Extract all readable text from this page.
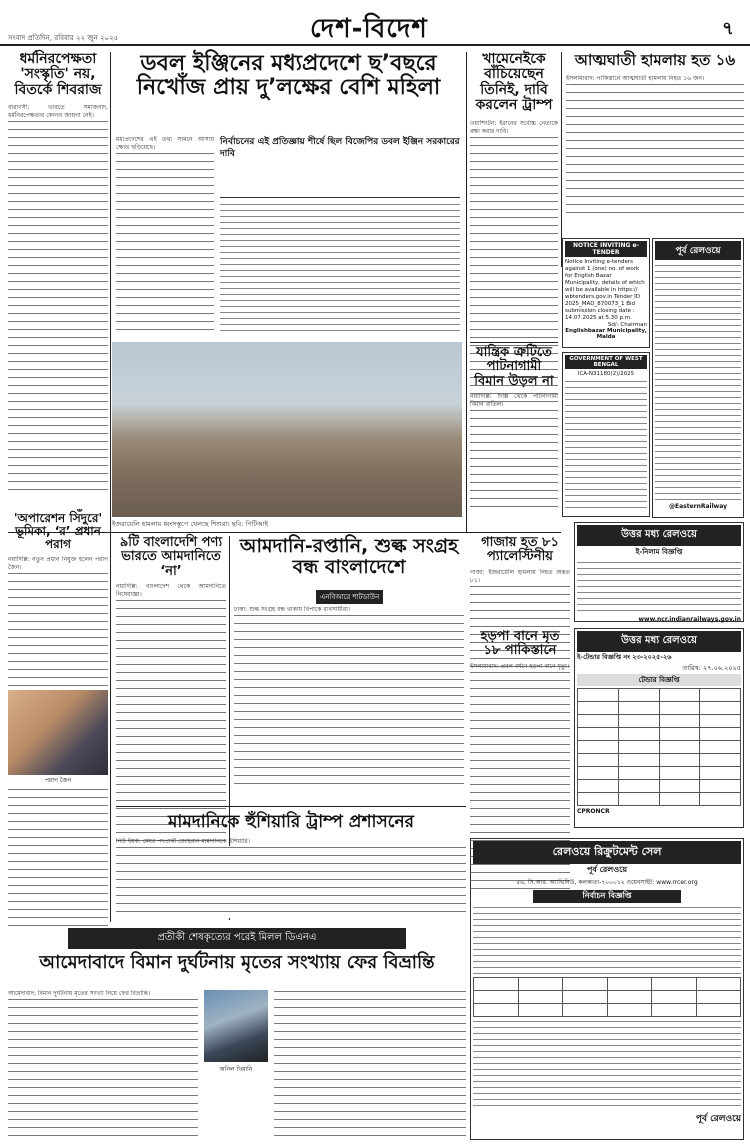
সংবাদ প্রতিদিন, রবিবার ২২ জুন ২০২৫	দেশ-বিদেশ	৭
ধর্মনিরপেক্ষতা 'সংস্কৃতি' নয়, বিতর্কে শিবরাজ
বারাণসী: ভারতে সমাজবাদ, ধর্মনিরপেক্ষতার কোনও জায়গা নেই।
ডবল ইঞ্জিনের মধ্যপ্রদেশে ছ’বছরে নিখোঁজ প্রায় দু’লক্ষের বেশি মহিলা
মধ্যপ্রদেশের এই তথ্য সামনে আসায় ক্ষোভ ছড়িয়েছে।
নির্বাচনের এই প্রতিজ্ঞায় শীর্ষে ছিল বিজেপির ডবল ইঞ্জিন সরকারের দাবি
খামেনেইকে বাঁচিয়েছেন তিনিই, দাবি করলেন ট্রাম্প
ওয়াশিংটন: ইরানের সর্বোচ্চ নেতাকে রক্ষা করার দাবি।
আত্মঘাতী হামলায় হত ১৬
ইসলামাবাদ: পাকিস্তানে আত্মঘাতী হামলায় নিহত ১৬ জন।
NOTICE INVITING e-TENDER
Notice Inviting e-tenders against 1 (one) no. of work for English Bazar Municipality, details of which will be available in https:// wbtenders.gov.in Tender ID 2025_MAD_870073_1 Bid submission closing date : 14.07.2025 at 5.30 p.m.
Sd/- Chairman
Englishbazar Municipality, Malda
GOVERNMENT OF WEST BENGAL
ICA-N31180(2)/2025
পূর্ব রেলওয়ে
@EasternRailway
ইজরায়েলি হামলায় ধ্বংসস্তূপে খেলছে শিশুরা। ছবি: পিটিআই
যান্ত্রিক ত্রুটিতে পাটনাগামী বিমান উড়ল না
নয়াদিল্লি: দিল্লি থেকে পাটনাগামী বিমান বাতিল।
'অপারেশন সিঁদুরে' ভূমিকা, ‘র’ প্রধান পরাগ
নয়াদিল্লি: নতুন প্রধান নিযুক্ত হলেন পরাগ জৈন।
পরাগ জৈন
৯টি বাংলাদেশি পণ্য ভারতে আমদানিতে ‘না’
নয়াদিল্লি: বাংলাদেশ থেকে আমদানিতে নিষেধাজ্ঞা।
আমদানি-রপ্তানি, শুল্ক সংগ্রহ বন্ধ বাংলাদেশে
এনবিআরে শাটডাউন
ঢাকা: শুল্ক সংগ্রহ বন্ধ থাকায় বিপাকে ব্যবসায়ীরা।
গাজায় হত ৮১ প্যালেস্টিনীয়
গাজা: ইজরায়েলি হামলায় নিহত অন্তত ৮১।
উত্তর মধ্য রেলওয়ে
ই-নিলাম বিজ্ঞপ্তি
www.ncr.indianrailways.gov.in
হড়পা বানে মৃত ১৮ পাকিস্তানে
ইসলামাবাদ: প্রবল বর্ষণে হড়পা বানে মৃত্যু।
উত্তর মধ্য রেলওয়ে
ই-টেন্ডার বিজ্ঞপ্তি নং ২৩-২০২৫-২৬
তারিখ: ২৭.০৬.২০২৫
টেন্ডার বিজ্ঞপ্তি

CPRONCR
মামদানিকে হুঁশিয়ারি ট্রাম্প প্রশাসনের
নিউ ইয়র্ক: মেয়র পদপ্রার্থী জোহরান মামদানিকে হুঁশিয়ারি।
রেলওয়ে রিক্রুটমেন্ট সেল
পূর্ব রেলওয়ে
৫৬, সি.আর. অ্যাভিনিউ, কলকাতা-৭০০০১২ ওয়েবসাইট: www.rrcer.org
নির্বাচন বিজ্ঞপ্তি

পূর্ব রেলওয়ে
প্রতীকী শেষকৃত্যের পরেই মিলল ডিএনএ
আমেদাবাদে বিমান দুর্ঘটনায় মৃতের সংখ্যায় ফের বিভ্রান্তি
আমেদাবাদ: বিমান দুর্ঘটনায় মৃতের সংখ্যা নিয়ে ফের বিভ্রান্তি।
অনিল খিমানি
